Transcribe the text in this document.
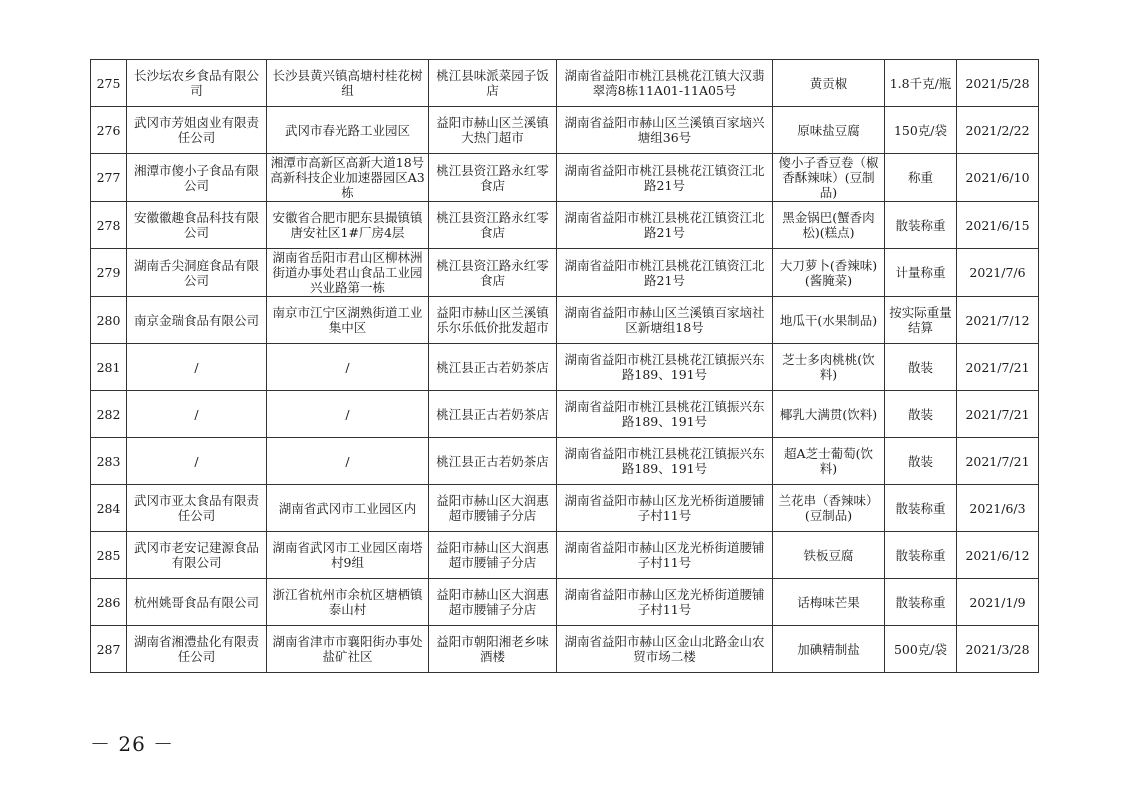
275	长沙坛农乡食品有限公司	长沙县黄兴镇高塘村桂花树组	桃江县味派菜园子饭店	湖南省益阳市桃江县桃花江镇大汉翡翠湾8栋11A01-11A05号	黄贡椒	1.8千克/瓶	2021/5/28
276	武冈市芳姐卤业有限责任公司	武冈市春光路工业园区	益阳市赫山区兰溪镇大热门超市	湖南省益阳市赫山区兰溪镇百家垴兴塘组36号	原味盐豆腐	150克/袋	2021/2/22
277	湘潭市傻小子食品有限公司	湘潭市高新区高新大道18号高新科技企业加速器园区A3栋	桃江县资江路永红零食店	湖南省益阳市桃江县桃花江镇资江北路21号	傻小子香豆卷（椒香酥辣味）(豆制品)	称重	2021/6/10
278	安徽徽趣食品科技有限公司	安徽省合肥市肥东县撮镇镇唐安社区1#厂房4层	桃江县资江路永红零食店	湖南省益阳市桃江县桃花江镇资江北路21号	黑金锅巴(蟹香肉松)(糕点)	散装称重	2021/6/15
279	湖南舌尖洞庭食品有限公司	湖南省岳阳市君山区柳林洲街道办事处君山食品工业园兴业路第一栋	桃江县资江路永红零食店	湖南省益阳市桃江县桃花江镇资江北路21号	大刀萝卜(香辣味)(酱腌菜)	计量称重	2021/7/6
280	南京金瑞食品有限公司	南京市江宁区湖熟街道工业集中区	益阳市赫山区兰溪镇乐尔乐低价批发超市	湖南省益阳市赫山区兰溪镇百家垴社区新塘组18号	地瓜干(水果制品)	按实际重量结算	2021/7/12
281	/	/	桃江县正古若奶茶店	湖南省益阳市桃江县桃花江镇振兴东路189、191号	芝士多肉桃桃(饮料)	散装	2021/7/21
282	/	/	桃江县正古若奶茶店	湖南省益阳市桃江县桃花江镇振兴东路189、191号	椰乳大满贯(饮料)	散装	2021/7/21
283	/	/	桃江县正古若奶茶店	湖南省益阳市桃江县桃花江镇振兴东路189、191号	超A芝士葡萄(饮料)	散装	2021/7/21
284	武冈市亚太食品有限责任公司	湖南省武冈市工业园区内	益阳市赫山区大润惠超市腰铺子分店	湖南省益阳市赫山区龙光桥街道腰铺子村11号	兰花串（香辣味）(豆制品)	散装称重	2021/6/3
285	武冈市老安记建源食品有限公司	湖南省武冈市工业园区南塔村9组	益阳市赫山区大润惠超市腰铺子分店	湖南省益阳市赫山区龙光桥街道腰铺子村11号	铁板豆腐	散装称重	2021/6/12
286	杭州姚哥食品有限公司	浙江省杭州市余杭区塘栖镇泰山村	益阳市赫山区大润惠超市腰铺子分店	湖南省益阳市赫山区龙光桥街道腰铺子村11号	话梅味芒果	散装称重	2021/1/9
287	湖南省湘澧盐化有限责任公司	湖南省津市市襄阳街办事处盐矿社区	益阳市朝阳湘老乡味酒楼	湖南省益阳市赫山区金山北路金山农贸市场二楼	加碘精制盐	500克/袋	2021/3/28
－ 26 －
